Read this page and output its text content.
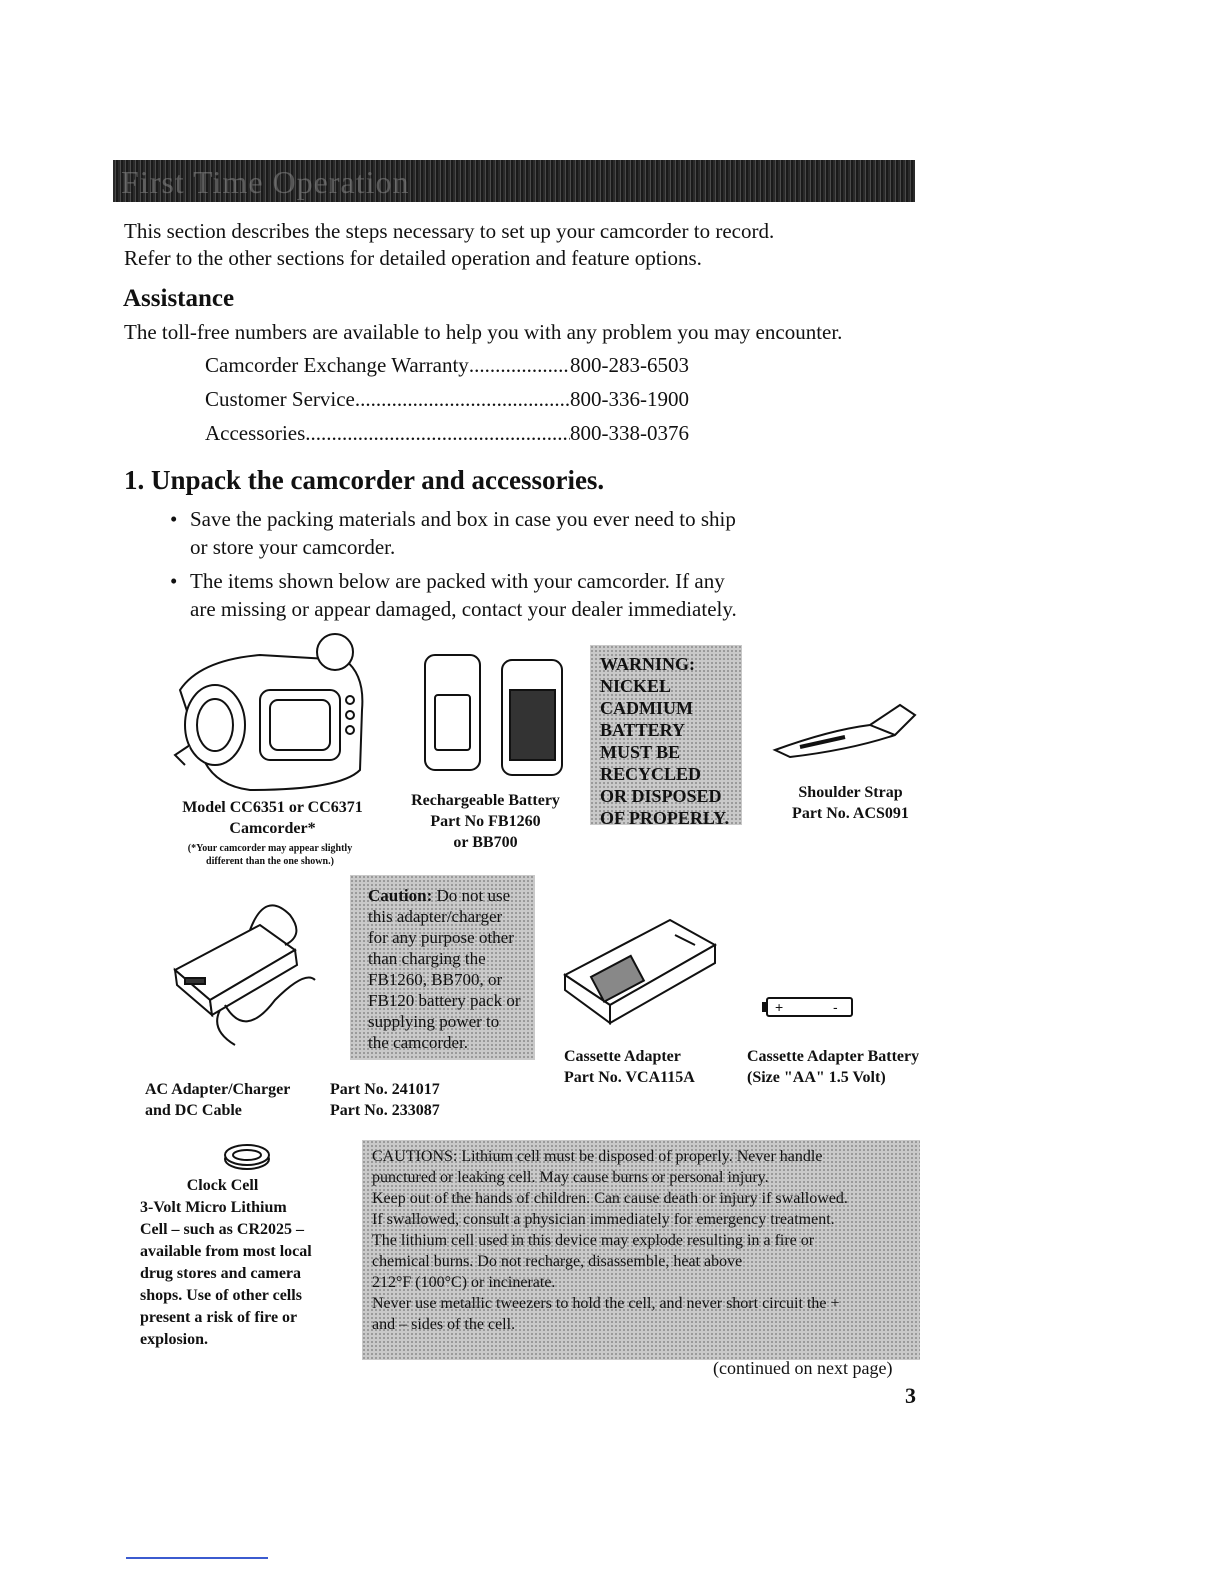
First Time Operation
This section describes the steps necessary to set up your camcorder to record.
Refer to the other sections for detailed operation and feature options.
Assistance
The toll-free numbers are available to help you with any problem you may encounter.
Camcorder Exchange Warranty .....	800-283-6503
Customer Service .....	800-336-1900
Accessories .....	800-338-0376
1. Unpack the camcorder and accessories.
• Save the packing materials and box in case you ever need to ship
or store your camcorder.
• The items shown below are packed with your camcorder. If any
are missing or appear damaged, contact your dealer immediately.
Model CC6351 or CC6371
Camcorder*
(*Your camcorder may appear slightly
different than the one shown.)
Rechargeable Battery
Part No FB1260
or BB700
WARNING:
NICKEL
CADMIUM
BATTERY
MUST BE
RECYCLED
OR DISPOSED
OF PROPERLY.
Shoulder Strap
Part No. ACS091
Caution: Do not use
this adapter/charger
for any purpose other
than charging the
FB1260, BB700, or
FB120 battery pack or
supplying power to
the camcorder.
AC Adapter/Charger
and DC Cable
Part No. 241017
Part No. 233087
Cassette Adapter
Part No. VCA115A
+	-
Cassette Adapter Battery
(Size "AA" 1.5 Volt)
Clock Cell
3-Volt Micro Lithium
Cell – such as CR2025 –
available from most local
drug stores and camera
shops. Use of other cells
present a risk of fire or
explosion.
CAUTIONS: Lithium cell must be disposed of properly. Never handle
punctured or leaking cell. May cause burns or personal injury.
Keep out of the hands of children. Can cause death or injury if swallowed.
If swallowed, consult a physician immediately for emergency treatment.
The lithium cell used in this device may explode resulting in a fire or
chemical burns. Do not recharge, disassemble, heat above
212°F (100°C) or incinerate.
Never use metallic tweezers to hold the cell, and never short circuit the +
and – sides of the cell.
(continued on next page)
3
